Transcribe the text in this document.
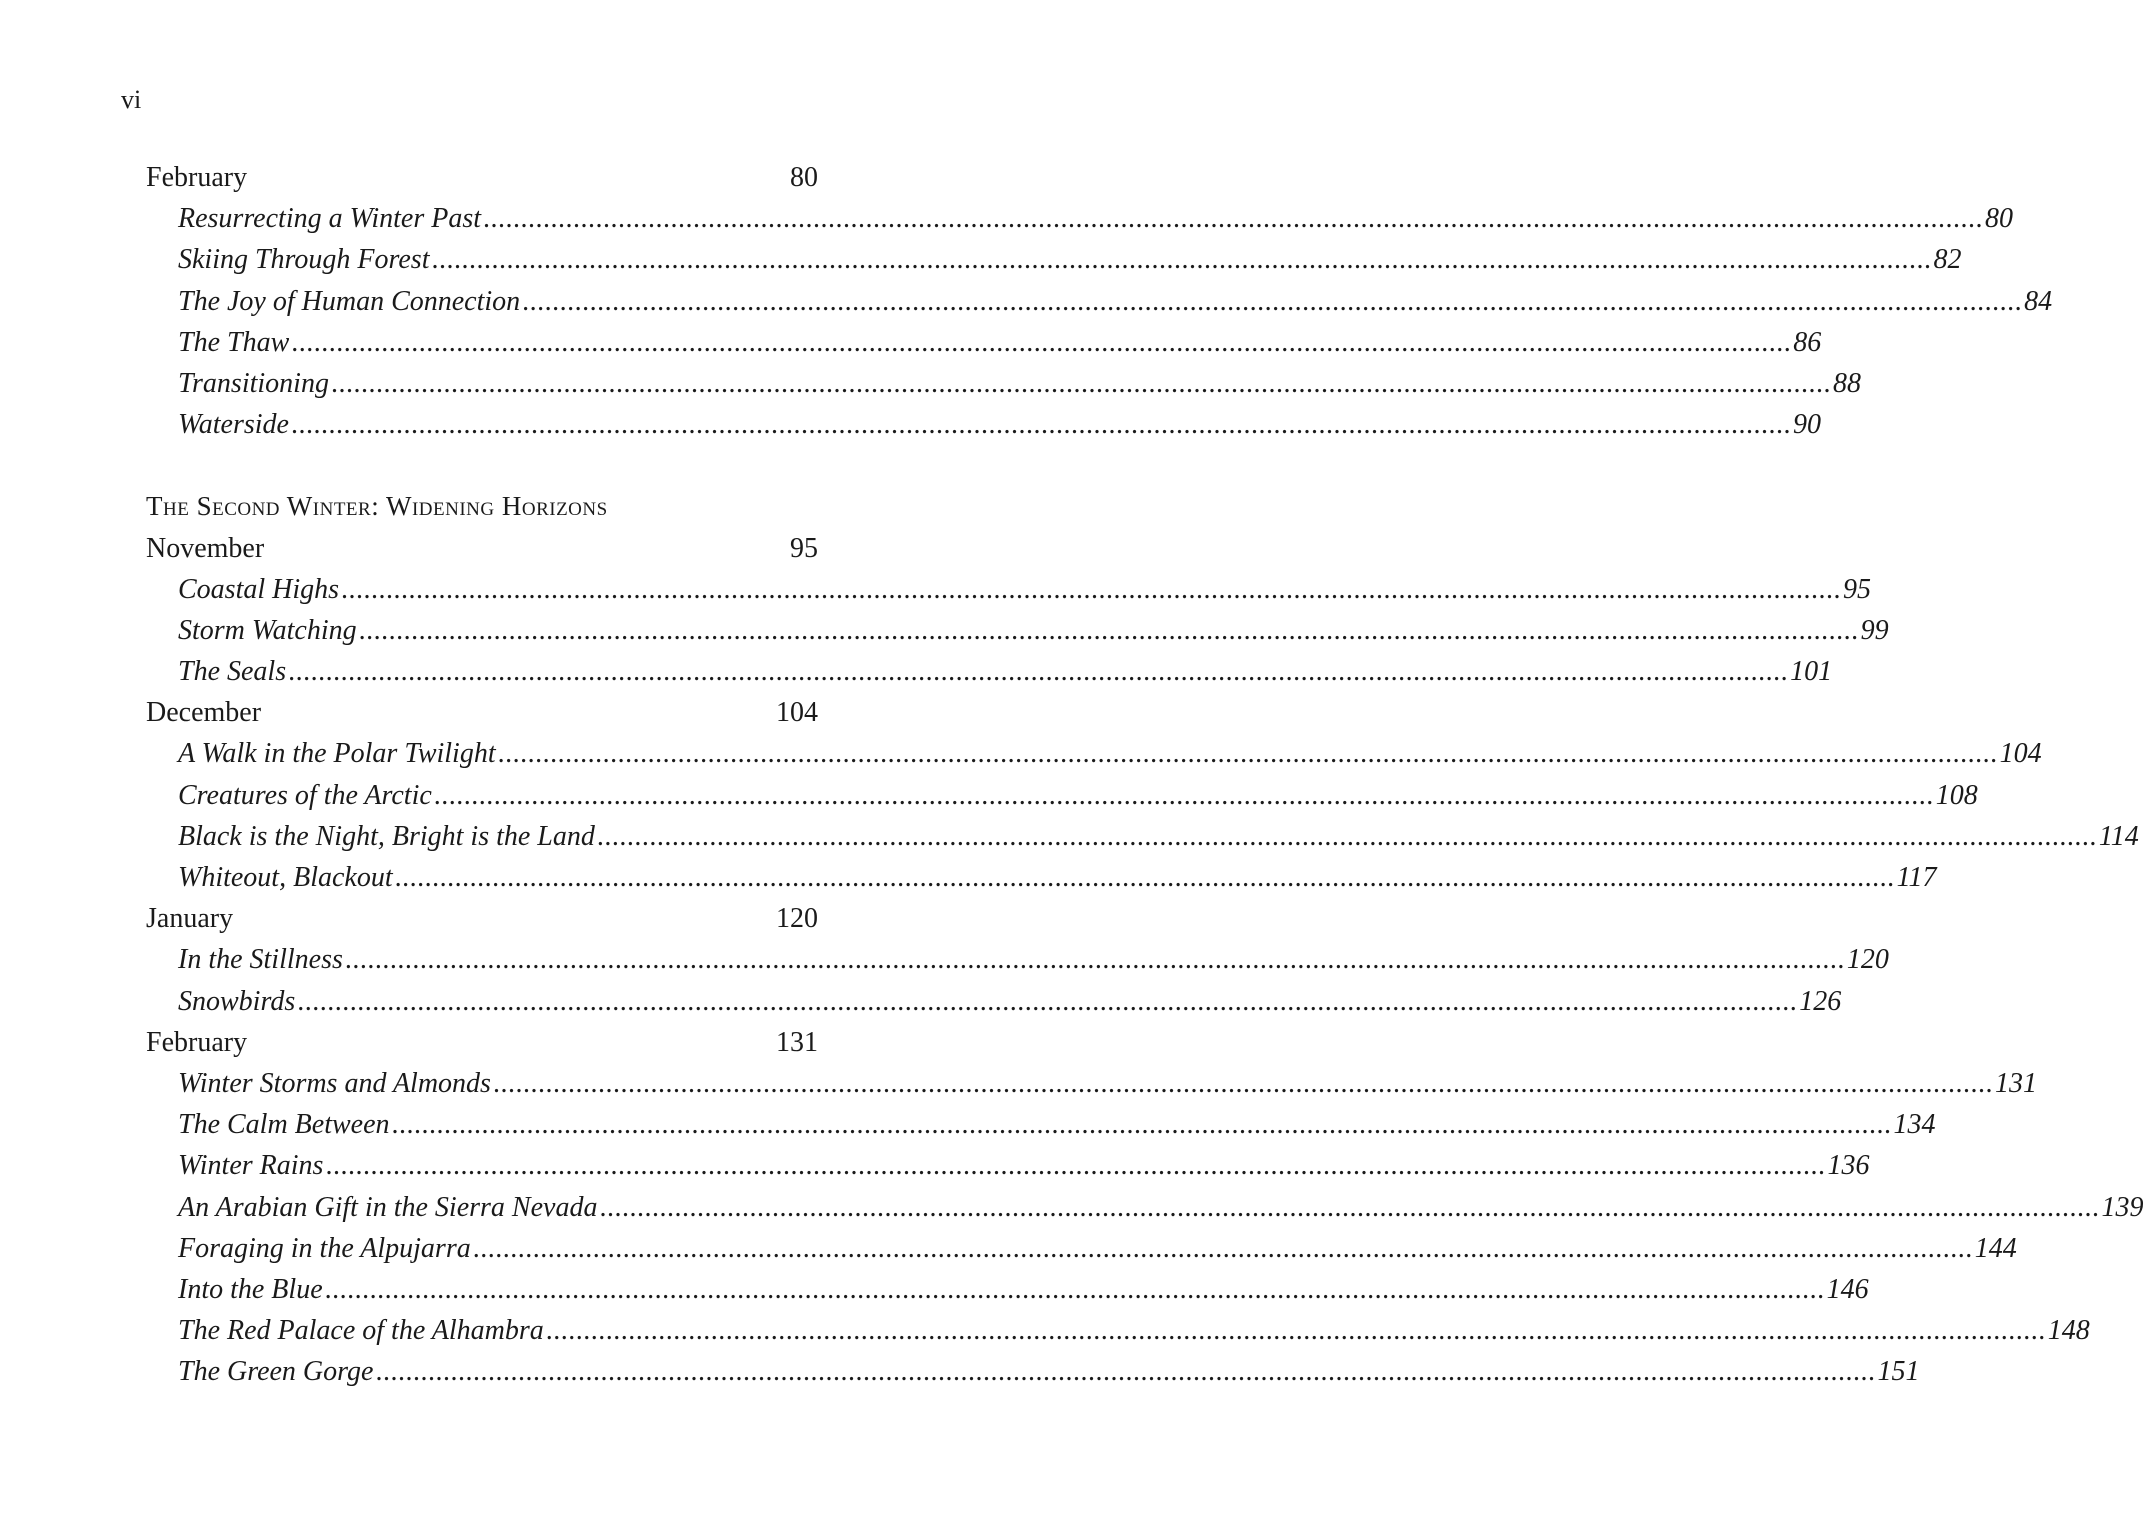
vi
February	80
Resurrecting a Winter Past ........................................................................................................................................................................................................ 80
Skiing Through Forest ........................................................................................................................................................................................................ 82
The Joy of Human Connection ........................................................................................................................................................................................................ 84
The Thaw ........................................................................................................................................................................................................ 86
Transitioning ........................................................................................................................................................................................................ 88
Waterside ........................................................................................................................................................................................................ 90
The Second Winter: Widening Horizons
November	95
Coastal Highs ........................................................................................................................................................................................................ 95
Storm Watching ........................................................................................................................................................................................................ 99
The Seals ........................................................................................................................................................................................................ 101
December	104
A Walk in the Polar Twilight ........................................................................................................................................................................................................ 104
Creatures of the Arctic ........................................................................................................................................................................................................ 108
Black is the Night, Bright is the Land ........................................................................................................................................................................................................ 114
Whiteout, Blackout ........................................................................................................................................................................................................ 117
January	120
In the Stillness ........................................................................................................................................................................................................ 120
Snowbirds ........................................................................................................................................................................................................ 126
February	131
Winter Storms and Almonds ........................................................................................................................................................................................................ 131
The Calm Between ........................................................................................................................................................................................................ 134
Winter Rains ........................................................................................................................................................................................................ 136
An Arabian Gift in the Sierra Nevada ........................................................................................................................................................................................................ 139
Foraging in the Alpujarra ........................................................................................................................................................................................................ 144
Into the Blue ........................................................................................................................................................................................................ 146
The Red Palace of the Alhambra ........................................................................................................................................................................................................ 148
The Green Gorge ........................................................................................................................................................................................................ 151
